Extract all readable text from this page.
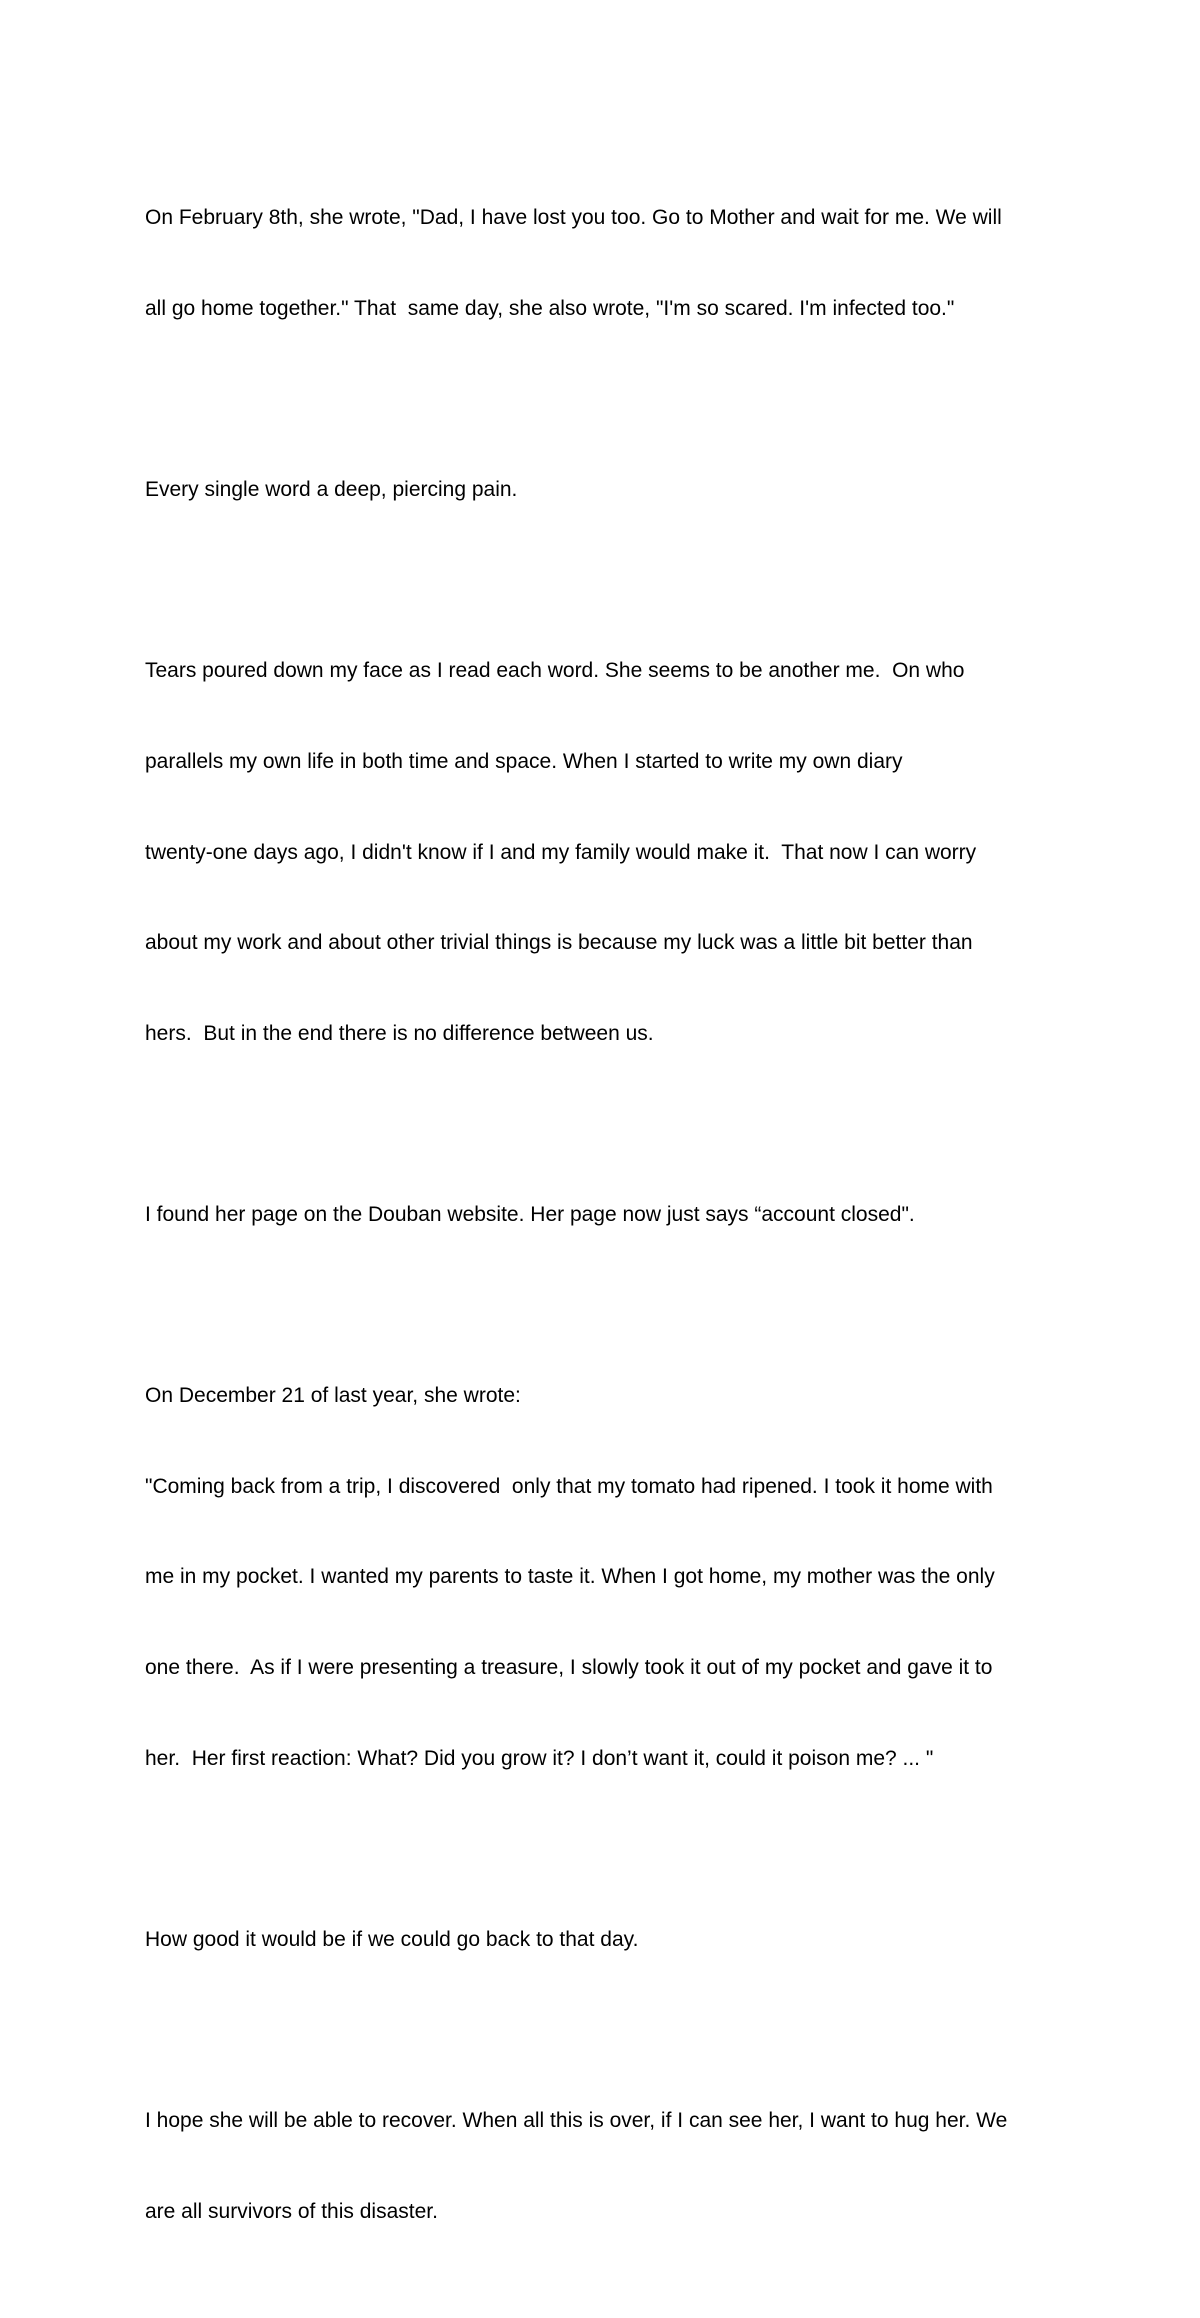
On February 8th, she wrote, "Dad, I have lost you too. Go to Mother and wait for me. We will

all go home together." That  same day, she also wrote, "I'm so scared. I'm infected too."

Every single word a deep, piercing pain.

Tears poured down my face as I read each word. She seems to be another me.  On who

parallels my own life in both time and space. When I started to write my own diary

twenty-one days ago, I didn't know if I and my family would make it.  That now I can worry

about my work and about other trivial things is because my luck was a little bit better than

hers.  But in the end there is no difference between us.

I found her page on the Douban website. Her page now just says “account closed".

On December 21 of last year, she wrote:

"Coming back from a trip, I discovered  only that my tomato had ripened. I took it home with

me in my pocket. I wanted my parents to taste it. When I got home, my mother was the only

one there.  As if I were presenting a treasure, I slowly took it out of my pocket and gave it to

her.  Her first reaction: What? Did you grow it? I don’t want it, could it poison me? ... "

How good it would be if we could go back to that day.

I hope she will be able to recover. When all this is over, if I can see her, I want to hug her. We

are all survivors of this disaster.
